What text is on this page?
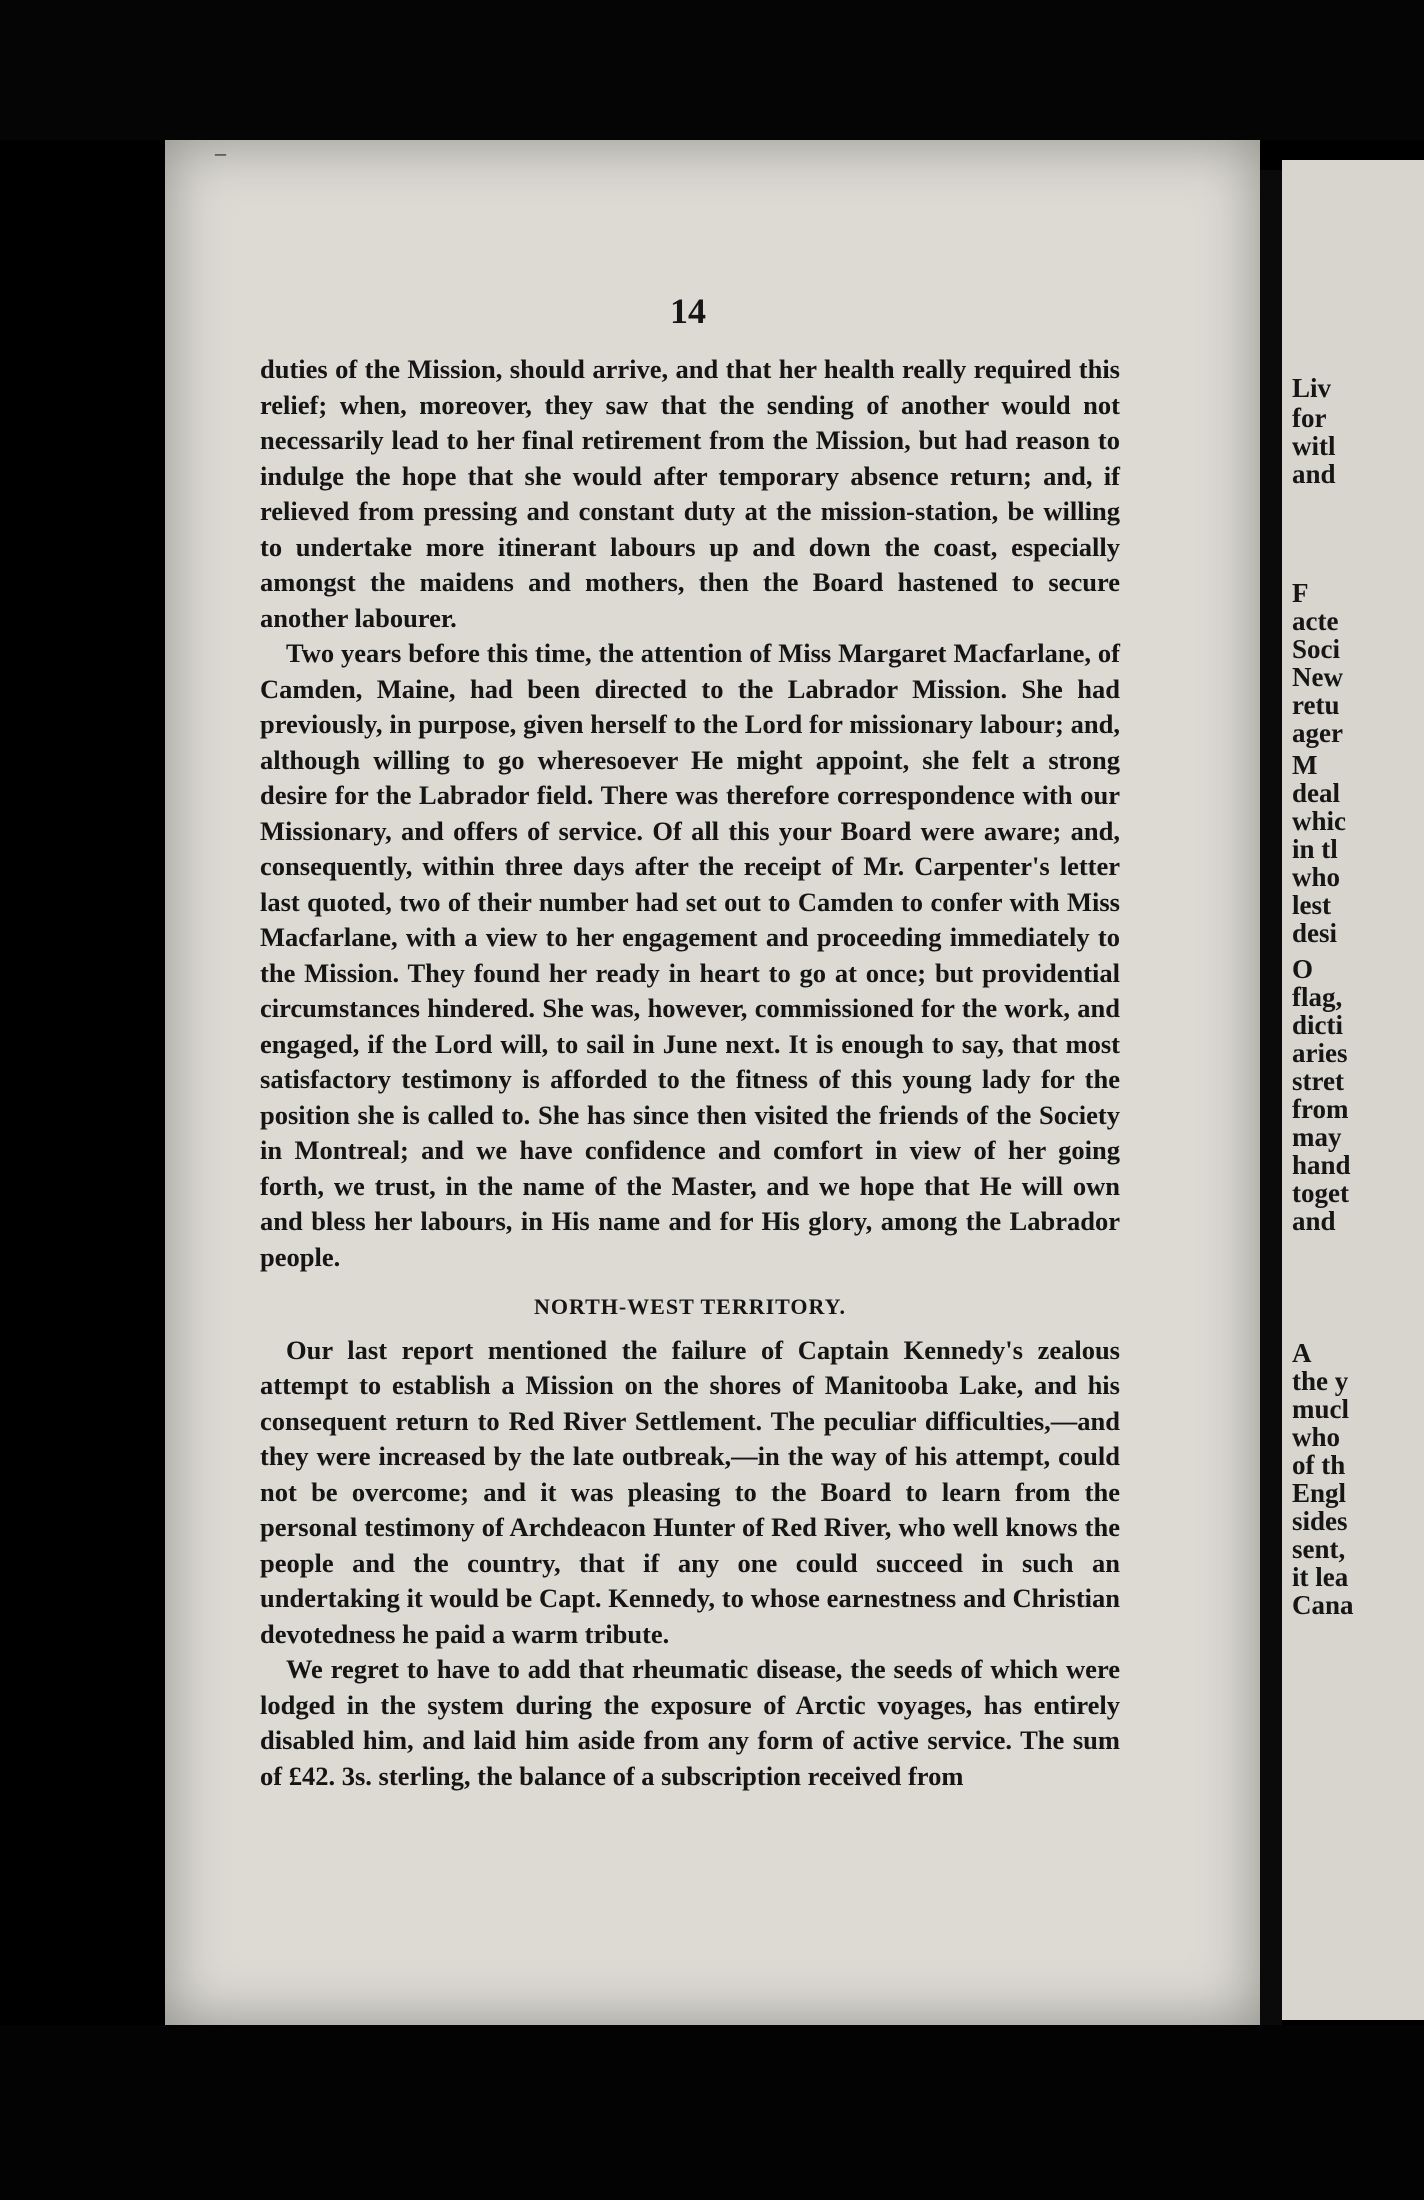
–
14

duties of the Mission, should arrive, and that her health really required this relief; when, moreover, they saw that the sending of another would not necessarily lead to her final retirement from the Mission, but had reason to indulge the hope that she would after temporary absence return; and, if relieved from pressing and constant duty at the mission-station, be willing to undertake more itinerant labours up and down the coast, especially amongst the maidens and mothers, then the Board hastened to secure another labourer.

Two years before this time, the attention of Miss Margaret Macfarlane, of Camden, Maine, had been directed to the Labrador Mission. She had previously, in purpose, given herself to the Lord for missionary labour; and, although willing to go wheresoever He might appoint, she felt a strong desire for the Labrador field. There was therefore correspondence with our Missionary, and offers of service. Of all this your Board were aware; and, consequently, within three days after the receipt of Mr. Carpenter's letter last quoted, two of their number had set out to Camden to confer with Miss Macfarlane, with a view to her engagement and proceeding immediately to the Mission. They found her ready in heart to go at once; but providential circumstances hindered. She was, however, commissioned for the work, and engaged, if the Lord will, to sail in June next. It is enough to say, that most satisfactory testimony is afforded to the fitness of this young lady for the position she is called to. She has since then visited the friends of the Society in Montreal; and we have confidence and comfort in view of her going forth, we trust, in the name of the Master, and we hope that He will own and bless her labours, in His name and for His glory, among the Labrador people.

NORTH-WEST TERRITORY.

Our last report mentioned the failure of Captain Kennedy's zealous attempt to establish a Mission on the shores of Manitooba Lake, and his consequent return to Red River Settlement. The peculiar difficulties,—and they were increased by the late outbreak,—in the way of his attempt, could not be overcome; and it was pleasing to the Board to learn from the personal testimony of Archdeacon Hunter of Red River, who well knows the people and the country, that if any one could succeed in such an undertaking it would be Capt. Kennedy, to whose earnestness and Christian devotedness he paid a warm tribute.

We regret to have to add that rheumatic disease, the seeds of which were lodged in the system during the exposure of Arctic voyages, has entirely disabled him, and laid him aside from any form of active service. The sum of £42. 3s. sterling, the balance of a subscription received from

Liv
for
witl
and
F
acte
Soci
New
retu
ager
M
deal
whic
in tl
who
lest
desi
O
flag,
dicti
aries
stret
from
may
hand
toget
and
A
the y
mucl
who
of th
Engl
sides
sent,
it lea
Cana
